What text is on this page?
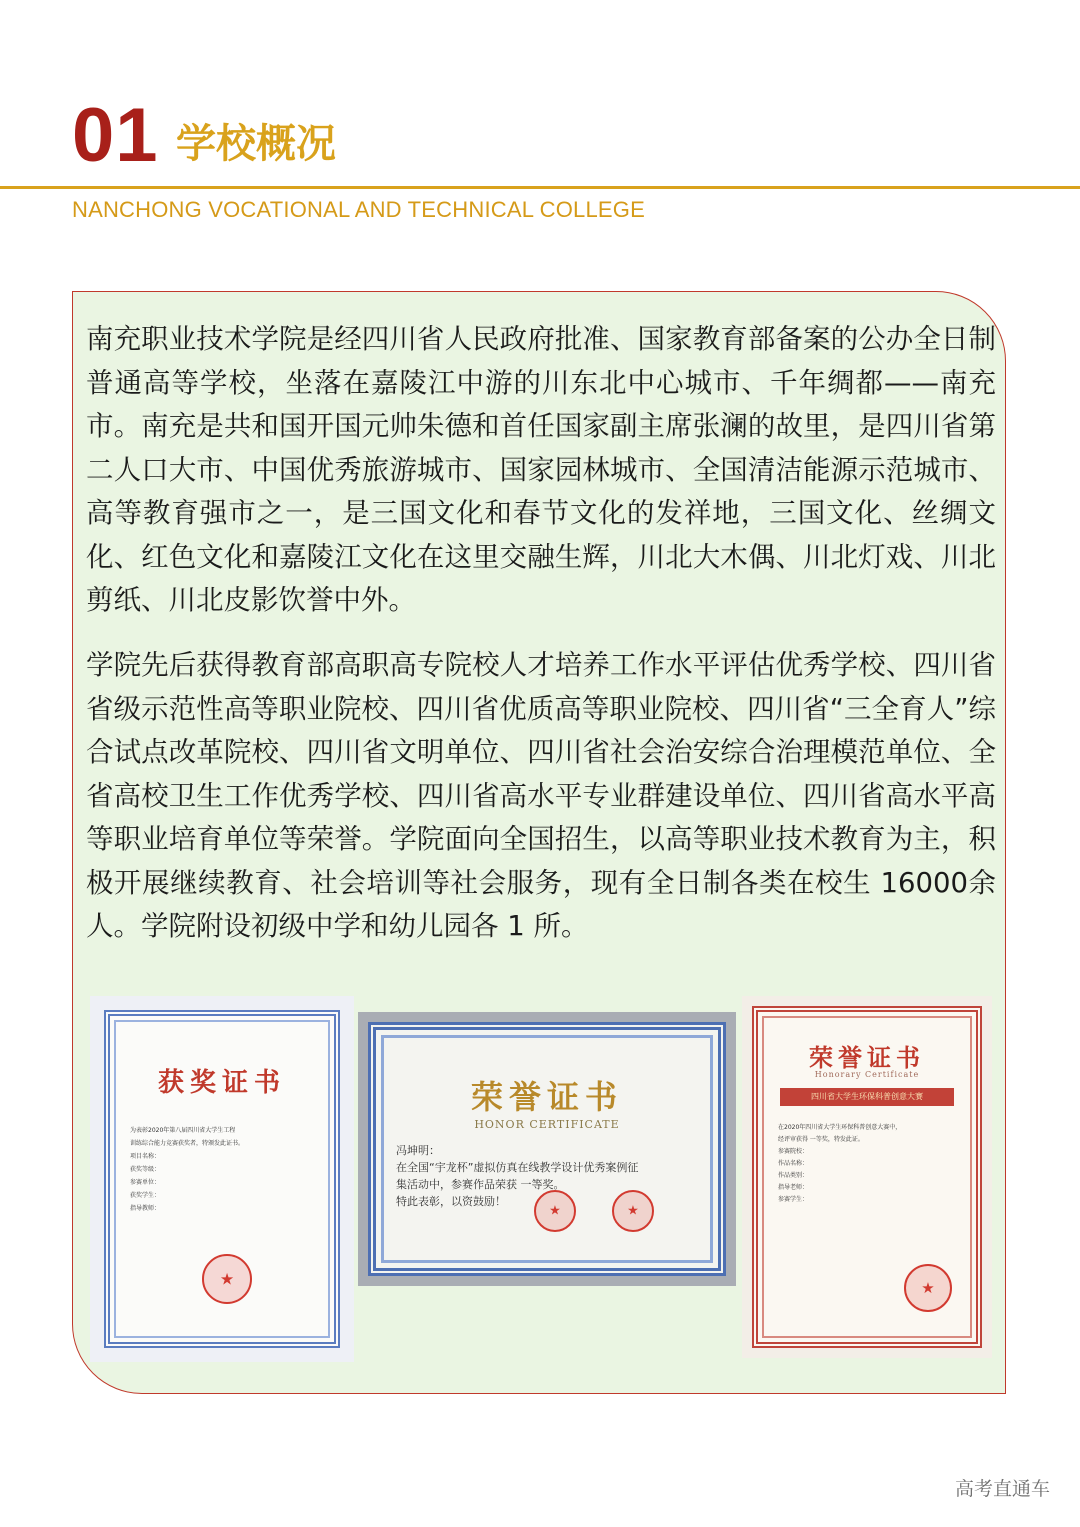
01 学校概况
NANCHONG VOCATIONAL AND TECHNICAL COLLEGE

南充职业技术学院是经四川省人民政府批准、国家教育部备案的公办全日制普通高等学校，坐落在嘉陵江中游的川东北中心城市、千年绸都——南充市。南充是共和国开国元帅朱德和首任国家副主席张澜的故里，是四川省第二人口大市、中国优秀旅游城市、国家园林城市、全国清洁能源示范城市、高等教育强市之一，是三国文化和春节文化的发祥地，三国文化、丝绸文化、红色文化和嘉陵江文化在这里交融生辉，川北大木偶、川北灯戏、川北剪纸、川北皮影饮誉中外。

学院先后获得教育部高职高专院校人才培养工作水平评估优秀学校、四川省省级示范性高等职业院校、四川省优质高等职业院校、四川省“三全育人”综合试点改革院校、四川省文明单位、四川省社会治安综合治理模范单位、全省高校卫生工作优秀学校、四川省高水平专业群建设单位、四川省高水平高等职业培育单位等荣誉。学院面向全国招生，以高等职业技术教育为主，积极开展继续教育、社会培训等社会服务，现有全日制各类在校生 16000余人。学院附设初级中学和幼儿园各 1 所。

获奖证书
为表彰2020年第八届四川省大学生工程
训练综合能力竞赛获奖者，特颁发此证书。
项目名称：
获奖等级：
参赛单位：
获奖学生：
指导教师：
★
荣誉证书
HONOR CERTIFICATE
冯坤明：
在全国“宇龙杯”虚拟仿真在线教学设计优秀案例征
集活动中，参赛作品荣获 一等奖。
特此表彰，以资鼓励！
★
★
荣誉证书
Honorary Certificate
四川省大学生环保科普创意大赛
在2020年四川省大学生环保科普创意大赛中，
经评审获得 一等奖，特发此证。
参赛院校：
作品名称：
作品类别：
指导老师：
参赛学生：
★
高考直通车
